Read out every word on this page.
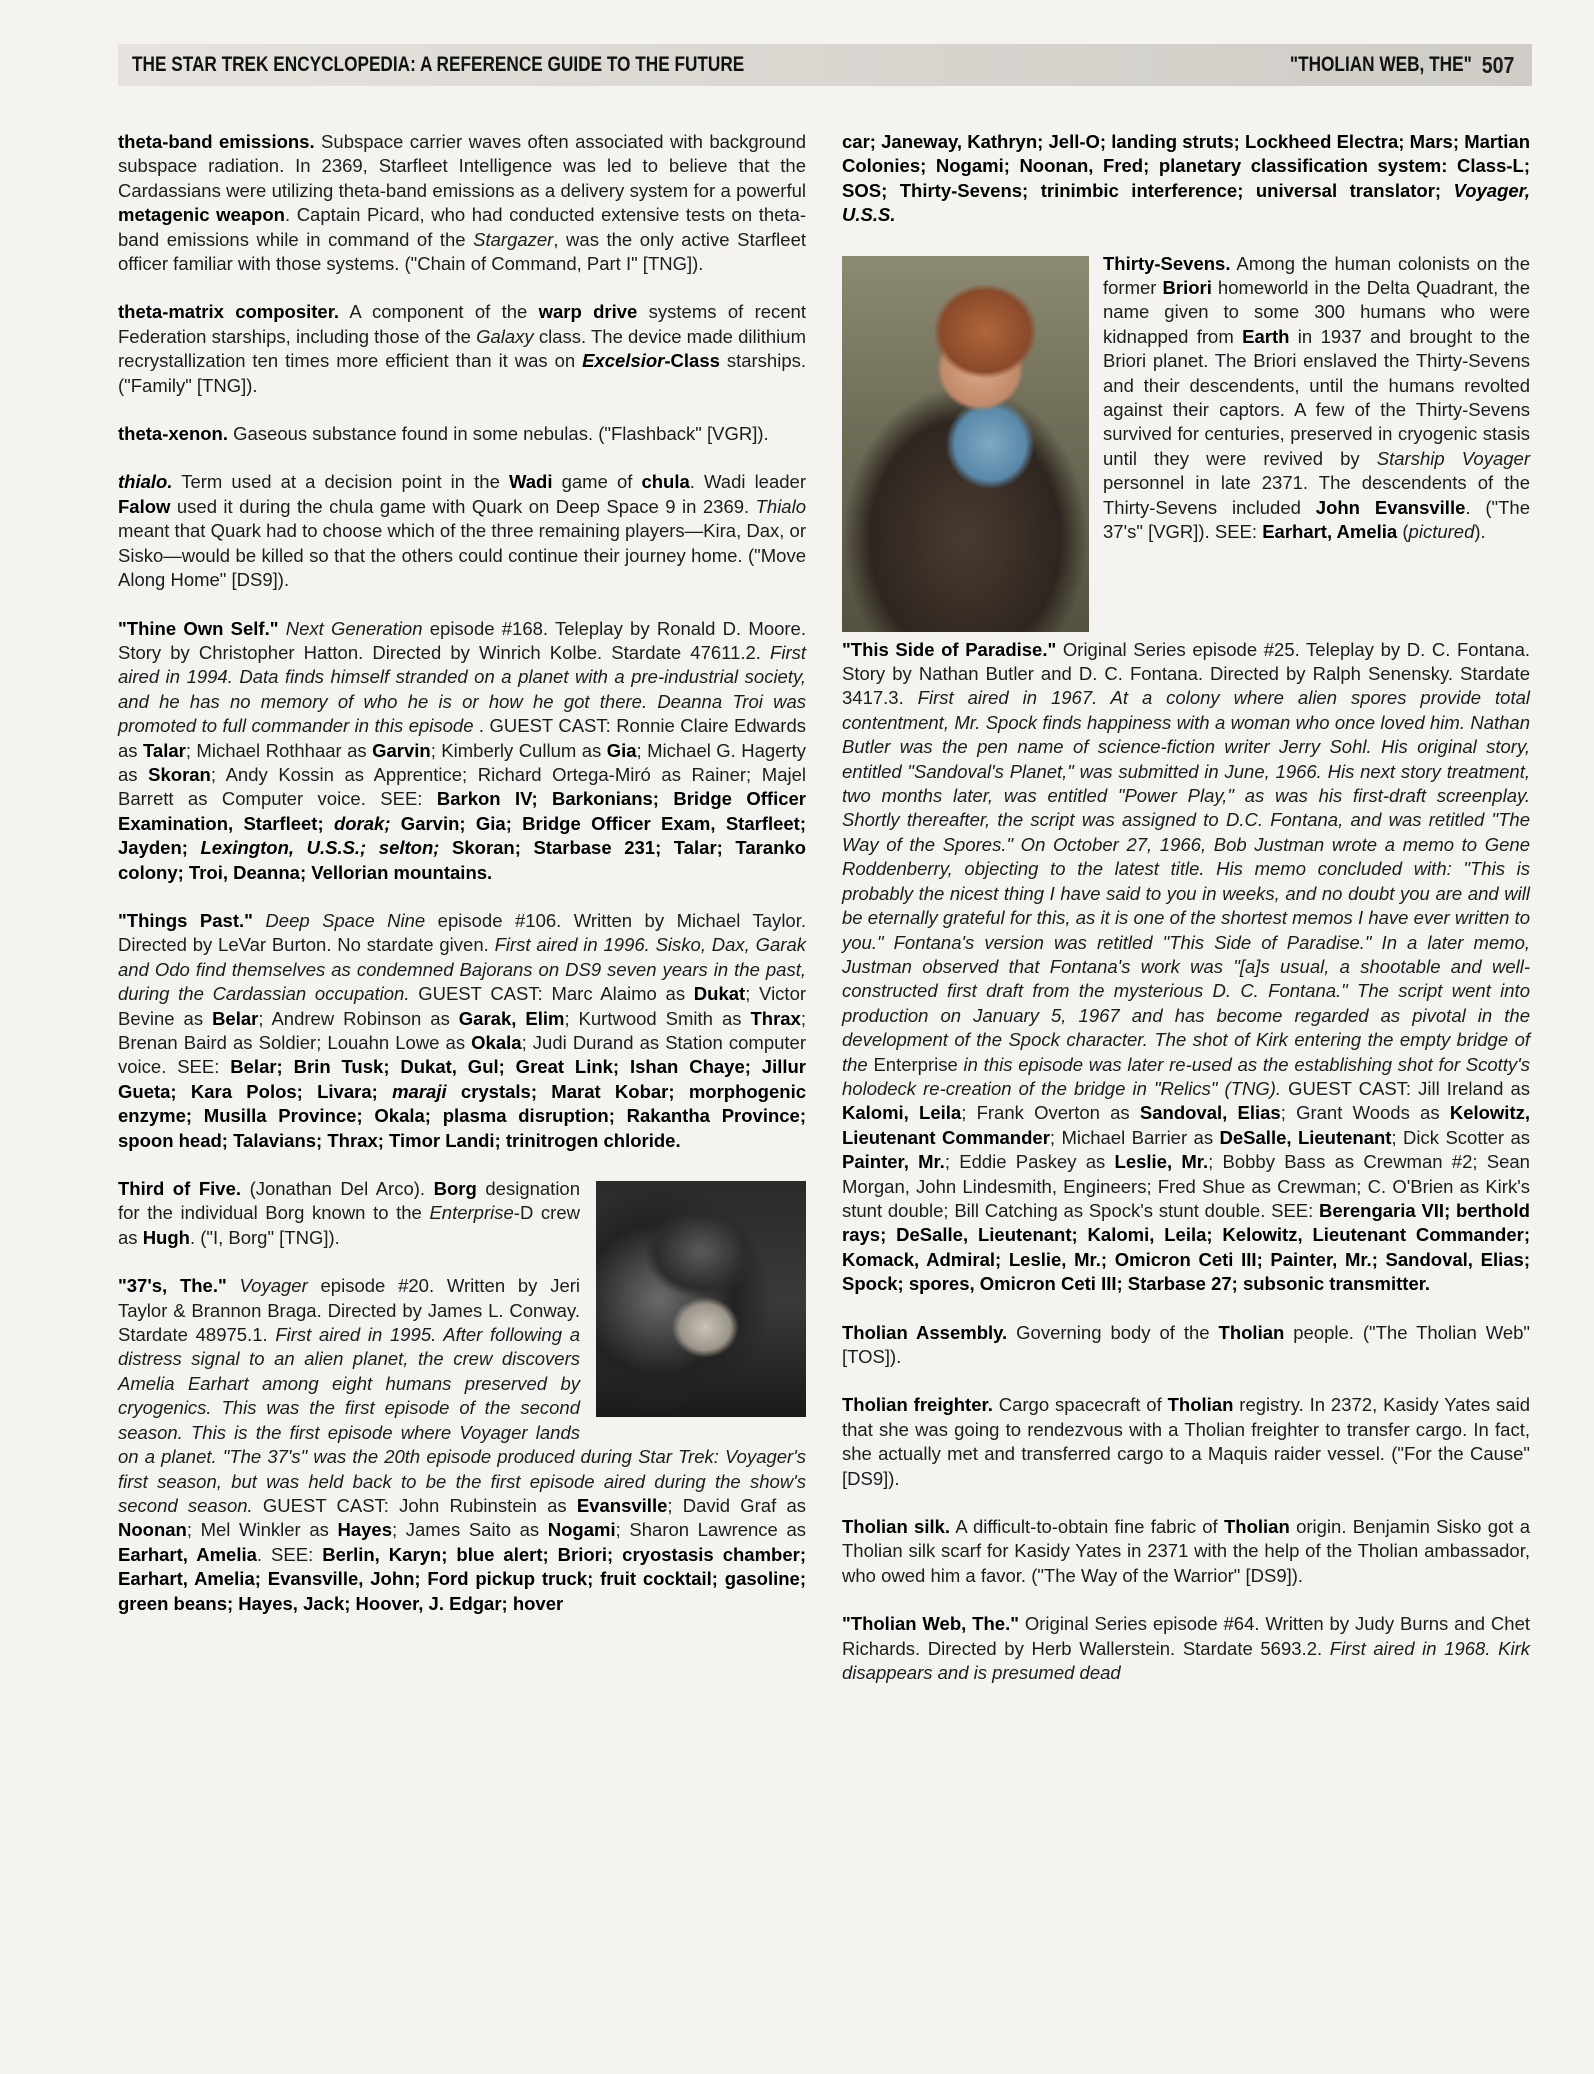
THE STAR TREK ENCYCLOPEDIA: A REFERENCE GUIDE TO THE FUTURE	"THOLIAN WEB, THE" 507

theta-band emissions. Subspace carrier waves often associated with background subspace radiation. In 2369, Starfleet Intelligence was led to believe that the Cardassians were utilizing theta-band emissions as a delivery system for a powerful metagenic weapon. Captain Picard, who had conducted extensive tests on theta-band emissions while in command of the Stargazer, was the only active Starfleet officer familiar with those systems. ("Chain of Command, Part I" [TNG]).

theta-matrix compositer. A component of the warp drive systems of recent Federation starships, including those of the Galaxy class. The device made dilithium recrystallization ten times more efficient than it was on Excelsior-Class starships. ("Family" [TNG]).

theta-xenon. Gaseous substance found in some nebulas. ("Flashback" [VGR]).

thialo. Term used at a decision point in the Wadi game of chula. Wadi leader Falow used it during the chula game with Quark on Deep Space 9 in 2369. Thialo meant that Quark had to choose which of the three remaining players—Kira, Dax, or Sisko—would be killed so that the others could continue their journey home. ("Move Along Home" [DS9]).

"Thine Own Self." Next Generation episode #168. Teleplay by Ronald D. Moore. Story by Christopher Hatton. Directed by Winrich Kolbe. Stardate 47611.2. First aired in 1994. Data finds himself stranded on a planet with a pre-industrial society, and he has no memory of who he is or how he got there. Deanna Troi was promoted to full commander in this episode . GUEST CAST: Ronnie Claire Edwards as Talar; Michael Rothhaar as Garvin; Kimberly Cullum as Gia; Michael G. Hagerty as Skoran; Andy Kossin as Apprentice; Richard Ortega-Miró as Rainer; Majel Barrett as Computer voice. SEE: Barkon IV; Barkonians; Bridge Officer Examination, Starfleet; dorak; Garvin; Gia; Bridge Officer Exam, Starfleet; Jayden; Lexington, U.S.S.; selton; Skoran; Starbase 231; Talar; Taranko colony; Troi, Deanna; Vellorian mountains.

"Things Past." Deep Space Nine episode #106. Written by Michael Taylor. Directed by LeVar Burton. No stardate given. First aired in 1996. Sisko, Dax, Garak and Odo find themselves as condemned Bajorans on DS9 seven years in the past, during the Cardassian occupation. GUEST CAST: Marc Alaimo as Dukat; Victor Bevine as Belar; Andrew Robinson as Garak, Elim; Kurtwood Smith as Thrax; Brenan Baird as Soldier; Louahn Lowe as Okala; Judi Durand as Station computer voice. SEE: Belar; Brin Tusk; Dukat, Gul; Great Link; Ishan Chaye; Jillur Gueta; Kara Polos; Livara; maraji crystals; Marat Kobar; morphogenic enzyme; Musilla Province; Okala; plasma disruption; Rakantha Province; spoon head; Talavians; Thrax; Timor Landi; trinitrogen chloride.

Third of Five. (Jonathan Del Arco). Borg designation for the individual Borg known to the Enterprise-D crew as Hugh. ("I, Borg" [TNG]).

"37's, The." Voyager episode #20. Written by Jeri Taylor & Brannon Braga. Directed by James L. Conway. Stardate 48975.1. First aired in 1995. After following a distress signal to an alien planet, the crew discovers Amelia Earhart among eight humans preserved by cryogenics. This was the first episode of the second season. This is the first episode where Voyager lands on a planet. "The 37's" was the 20th episode produced during Star Trek: Voyager's first season, but was held back to be the first episode aired during the show's second season. GUEST CAST: John Rubinstein as Evansville; David Graf as Noonan; Mel Winkler as Hayes; James Saito as Nogami; Sharon Lawrence as Earhart, Amelia. SEE: Berlin, Karyn; blue alert; Briori; cryostasis chamber; Earhart, Amelia; Evansville, John; Ford pickup truck; fruit cocktail; gasoline; green beans; Hayes, Jack; Hoover, J. Edgar; hover

car; Janeway, Kathryn; Jell-O; landing struts; Lockheed Electra; Mars; Martian Colonies; Nogami; Noonan, Fred; planetary classification system: Class-L; SOS; Thirty-Sevens; trinimbic interference; universal translator; Voyager, U.S.S.

Thirty-Sevens. Among the human colonists on the former Briori homeworld in the Delta Quadrant, the name given to some 300 humans who were kidnapped from Earth in 1937 and brought to the Briori planet. The Briori enslaved the Thirty-Sevens and their descendents, until the humans revolted against their captors. A few of the Thirty-Sevens survived for centuries, preserved in cryogenic stasis until they were revived by Starship Voyager personnel in late 2371. The descendents of the Thirty-Sevens included John Evansville. ("The 37's" [VGR]). SEE: Earhart, Amelia (pictured).

"This Side of Paradise." Original Series episode #25. Teleplay by D. C. Fontana. Story by Nathan Butler and D. C. Fontana. Directed by Ralph Senensky. Stardate 3417.3. First aired in 1967. At a colony where alien spores provide total contentment, Mr. Spock finds happiness with a woman who once loved him. Nathan Butler was the pen name of science-fiction writer Jerry Sohl. His original story, entitled "Sandoval's Planet," was submitted in June, 1966. His next story treatment, two months later, was entitled "Power Play," as was his first-draft screenplay. Shortly thereafter, the script was assigned to D.C. Fontana, and was retitled "The Way of the Spores." On October 27, 1966, Bob Justman wrote a memo to Gene Roddenberry, objecting to the latest title. His memo concluded with: "This is probably the nicest thing I have said to you in weeks, and no doubt you are and will be eternally grateful for this, as it is one of the shortest memos I have ever written to you." Fontana's version was retitled "This Side of Paradise." In a later memo, Justman observed that Fontana's work was "[a]s usual, a shootable and well-constructed first draft from the mysterious D. C. Fontana." The script went into production on January 5, 1967 and has become regarded as pivotal in the development of the Spock character. The shot of Kirk entering the empty bridge of the Enterprise in this episode was later re-used as the establishing shot for Scotty's holodeck re-creation of the bridge in "Relics" (TNG). GUEST CAST: Jill Ireland as Kalomi, Leila; Frank Overton as Sandoval, Elias; Grant Woods as Kelowitz, Lieutenant Commander; Michael Barrier as DeSalle, Lieutenant; Dick Scotter as Painter, Mr.; Eddie Paskey as Leslie, Mr.; Bobby Bass as Crewman #2; Sean Morgan, John Lindesmith, Engineers; Fred Shue as Crewman; C. O'Brien as Kirk's stunt double; Bill Catching as Spock's stunt double. SEE: Berengaria VII; berthold rays; DeSalle, Lieutenant; Kalomi, Leila; Kelowitz, Lieutenant Commander; Komack, Admiral; Leslie, Mr.; Omicron Ceti III; Painter, Mr.; Sandoval, Elias; Spock; spores, Omicron Ceti III; Starbase 27; subsonic transmitter.

Tholian Assembly. Governing body of the Tholian people. ("The Tholian Web" [TOS]).

Tholian freighter. Cargo spacecraft of Tholian registry. In 2372, Kasidy Yates said that she was going to rendezvous with a Tholian freighter to transfer cargo. In fact, she actually met and transferred cargo to a Maquis raider vessel. ("For the Cause" [DS9]).

Tholian silk. A difficult-to-obtain fine fabric of Tholian origin. Benjamin Sisko got a Tholian silk scarf for Kasidy Yates in 2371 with the help of the Tholian ambassador, who owed him a favor. ("The Way of the Warrior" [DS9]).

"Tholian Web, The." Original Series episode #64. Written by Judy Burns and Chet Richards. Directed by Herb Wallerstein. Stardate 5693.2. First aired in 1968. Kirk disappears and is presumed dead
